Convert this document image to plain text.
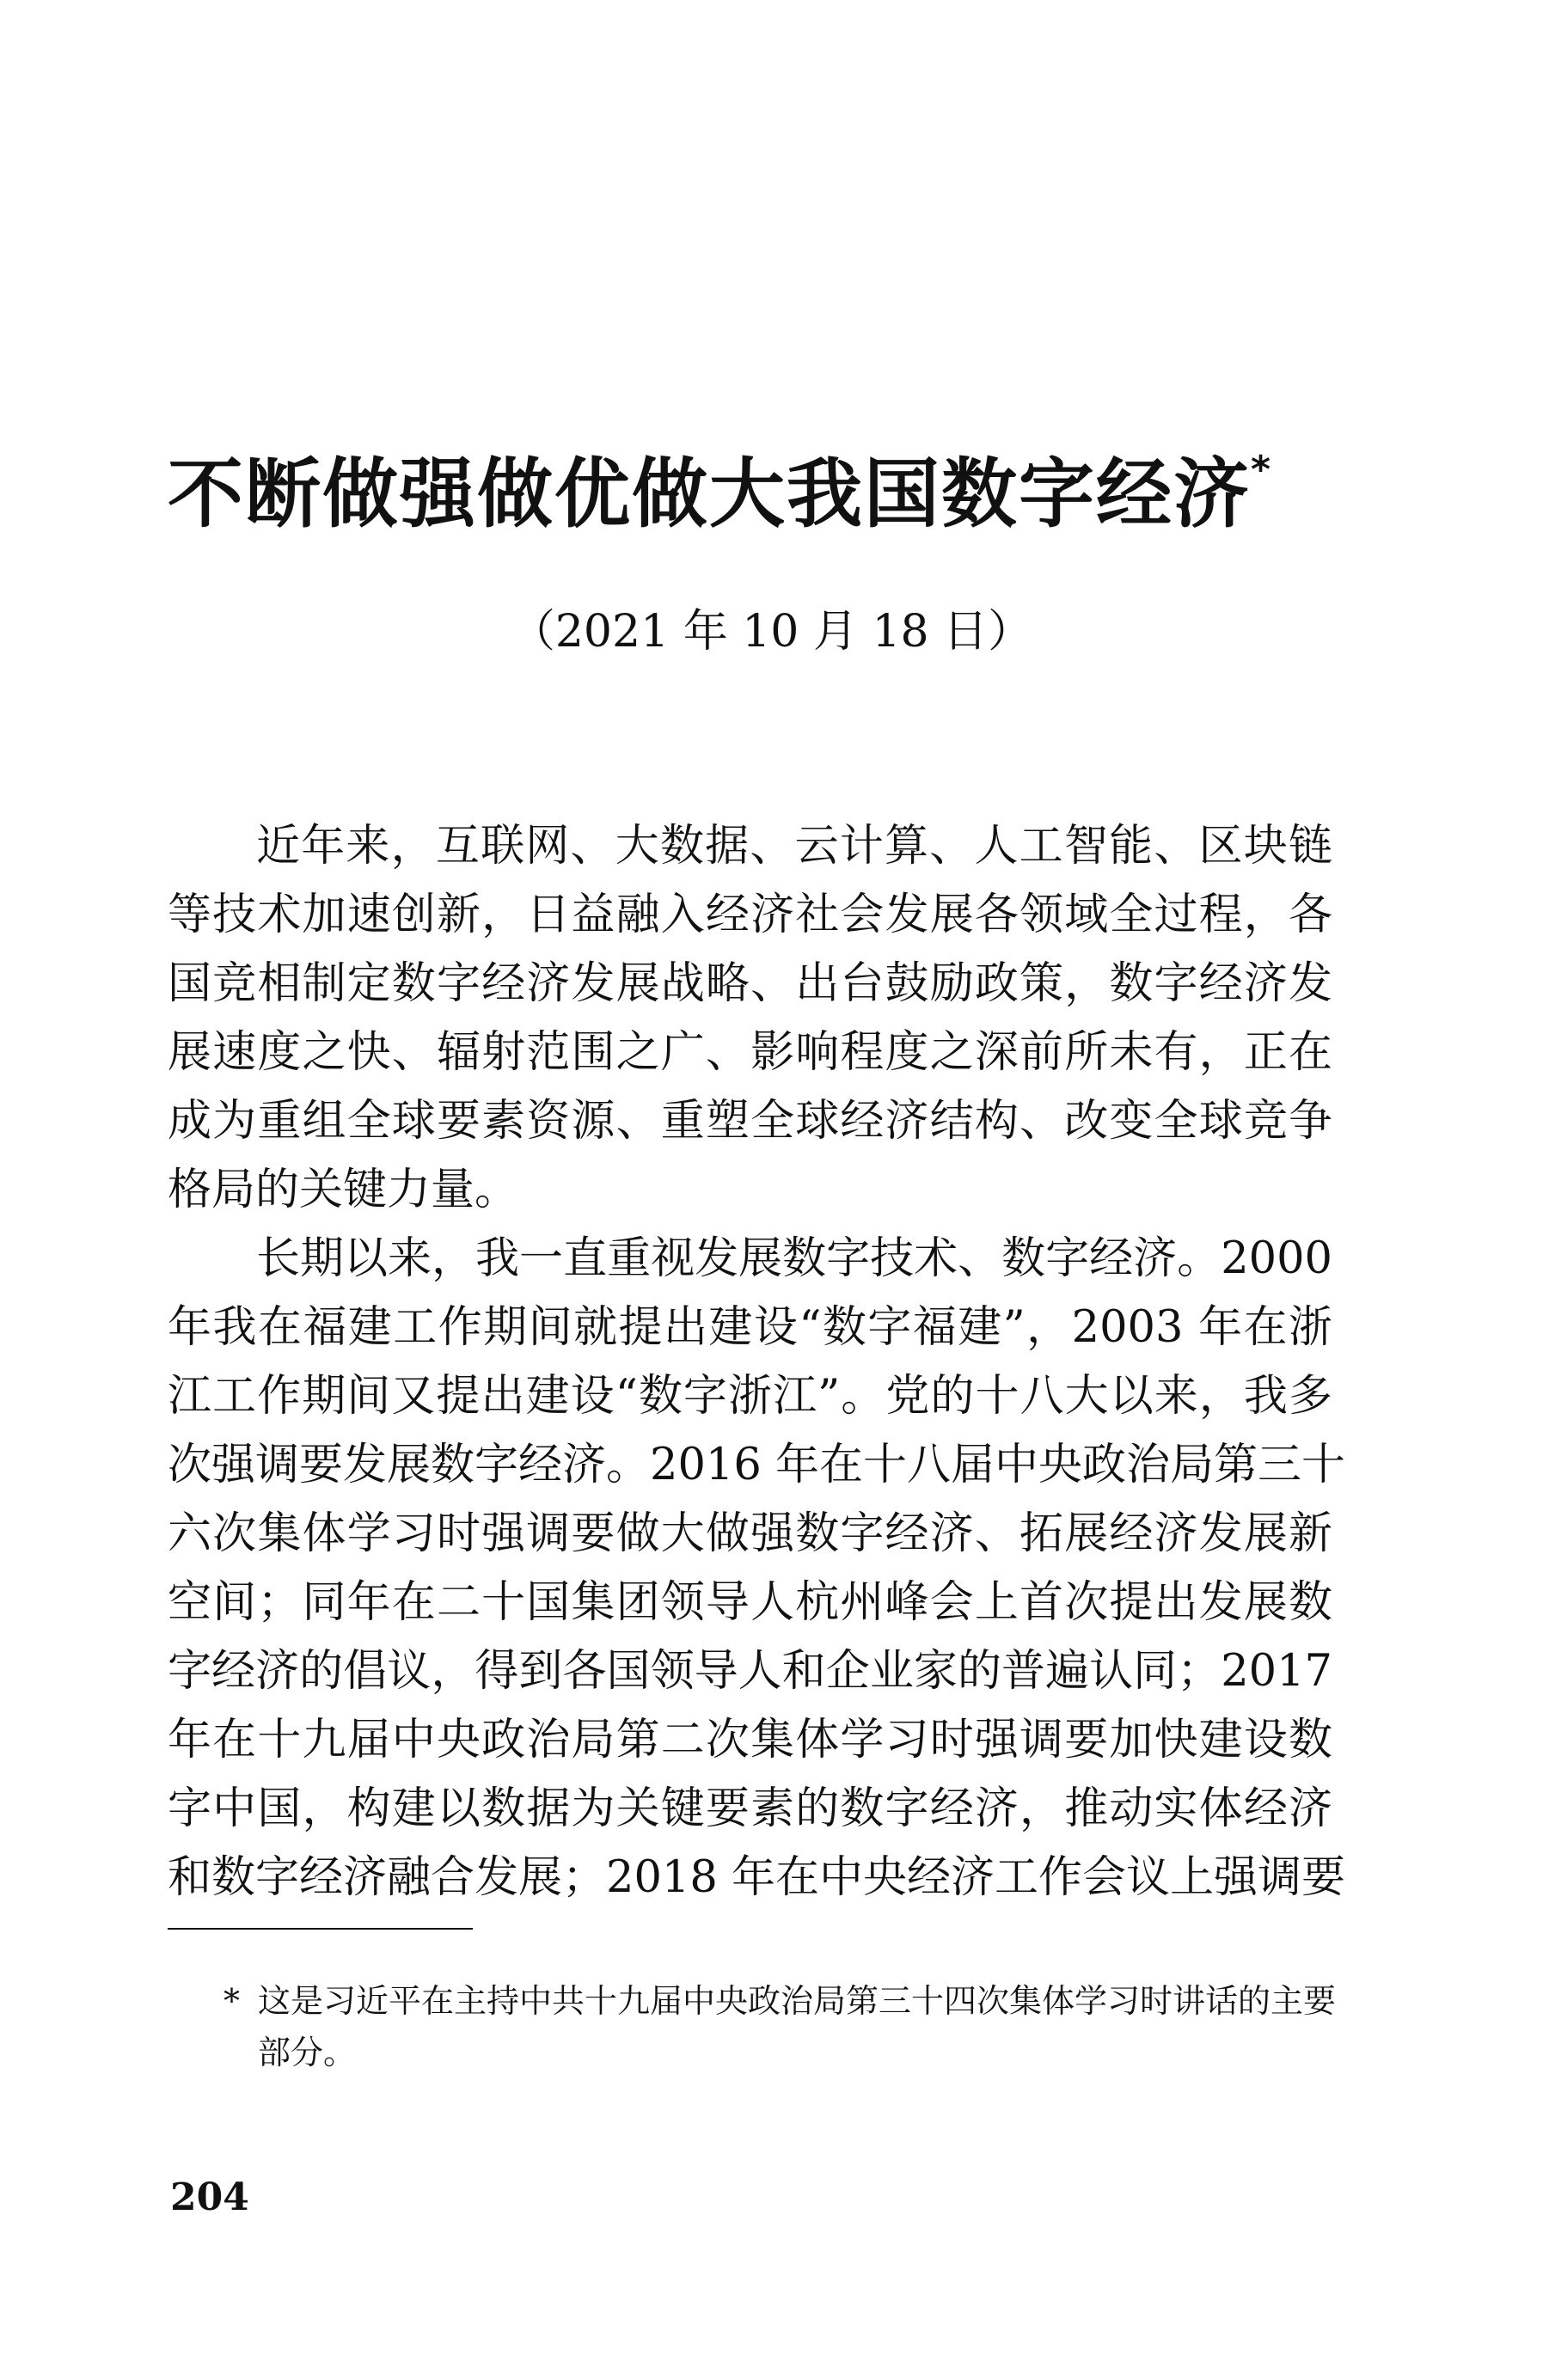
不断做强做优做大我国数字经济*
（2021 年 10 月 18 日）
近年来，互联网、大数据、云计算、人工智能、区块链
等技术加速创新，日益融入经济社会发展各领域全过程，各
国竞相制定数字经济发展战略、出台鼓励政策，数字经济发
展速度之快、辐射范围之广、影响程度之深前所未有，正在
成为重组全球要素资源、重塑全球经济结构、改变全球竞争
格局的关键力量。
长期以来，我一直重视发展数字技术、数字经济。2000
年我在福建工作期间就提出建设“数字福建”，2003 年在浙
江工作期间又提出建设“数字浙江”。党的十八大以来，我多
次强调要发展数字经济。2016 年在十八届中央政治局第三十
六次集体学习时强调要做大做强数字经济、拓展经济发展新
空间；同年在二十国集团领导人杭州峰会上首次提出发展数
字经济的倡议，得到各国领导人和企业家的普遍认同；2017
年在十九届中央政治局第二次集体学习时强调要加快建设数
字中国，构建以数据为关键要素的数字经济，推动实体经济
和数字经济融合发展；2018 年在中央经济工作会议上强调要
* 这是习近平在主持中共十九届中央政治局第三十四次集体学习时讲话的主要
部分。
204
